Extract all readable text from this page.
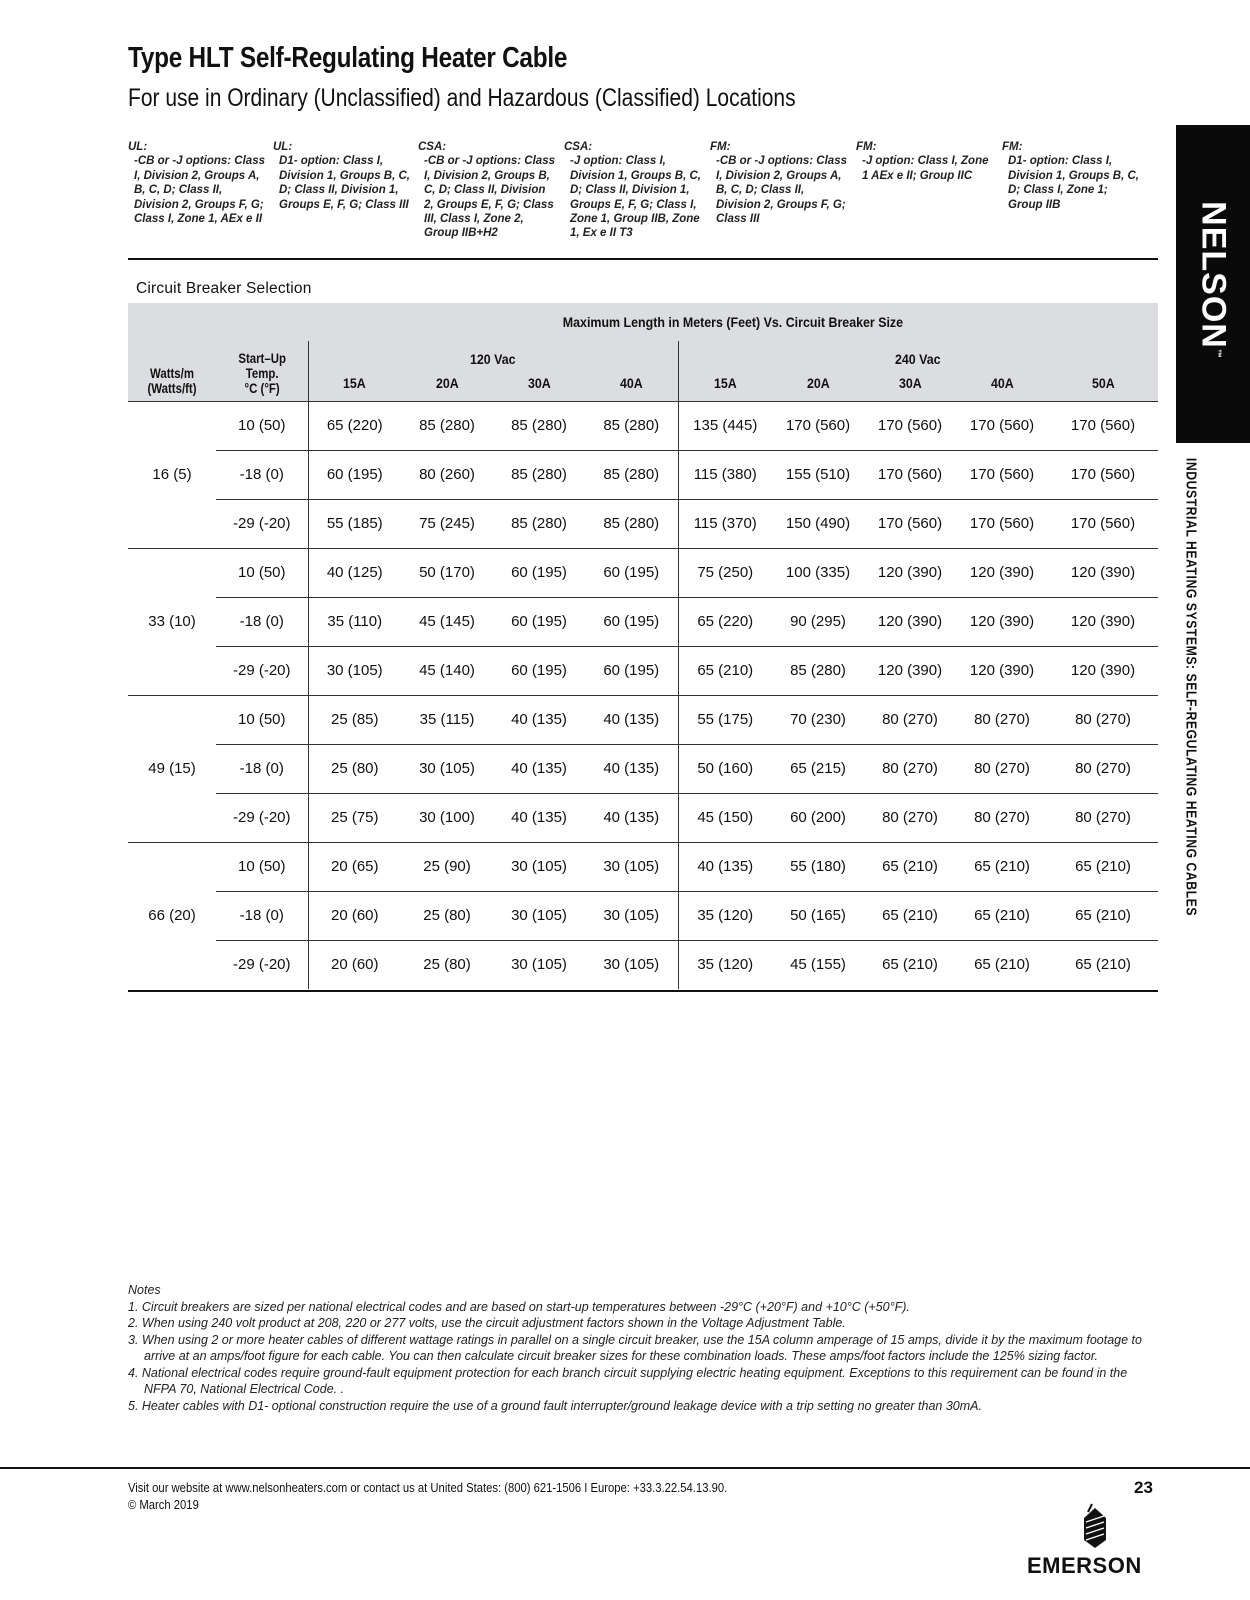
Type HLT Self-Regulating Heater Cable
For use in Ordinary (Unclassified) and Hazardous (Classified) Locations
UL:
-CB or -J options: Class I, Division 2, Groups A, B, C, D; Class II, Division 2, Groups F, G; Class I, Zone 1, AEx e II
UL:
D1- option: Class I, Division 1, Groups B, C, D; Class II, Division 1, Groups E, F, G; Class III
CSA:
-CB or -J options: Class I, Division 2, Groups B, C, D; Class II, Division 2, Groups E, F, G; Class III, Class I, Zone 2, Group IIB+H2
CSA:
-J option: Class I, Division 1, Groups B, C, D; Class II, Division 1, Groups E, F, G; Class I, Zone 1, Group IIB, Zone 1, Ex e II T3
FM:
-CB or -J options: Class I, Division 2, Groups A, B, C, D; Class II, Division 2, Groups F, G; Class III
FM:
-J option: Class I, Zone 1 AEx e II; Group IIC
FM:
D1- option: Class I, Division 1, Groups B, C, D; Class I, Zone 1; Group IIB
Circuit Breaker Selection
		Maximum Length in Meters (Feet) Vs. Circuit Breaker Size								

Watts/m
(Watts/ft)	Start–Up
Temp.
°C (°F)	120 Vac				240 Vac				
		15A	20A	30A	40A	15A	20A	30A	40A	50A
16 (5)	10 (50)	65 (220)	85 (280)	85 (280)	85 (280)	135 (445)	170 (560)	170 (560)	170 (560)	170 (560)
	-18 (0)	60 (195)	80 (260)	85 (280)	85 (280)	115 (380)	155 (510)	170 (560)	170 (560)	170 (560)
	-29 (-20)	55 (185)	75 (245)	85 (280)	85 (280)	115 (370)	150 (490)	170 (560)	170 (560)	170 (560)
33 (10)	10 (50)	40 (125)	50 (170)	60 (195)	60 (195)	75 (250)	100 (335)	120 (390)	120 (390)	120 (390)
	-18 (0)	35 (110)	45 (145)	60 (195)	60 (195)	65 (220)	90 (295)	120 (390)	120 (390)	120 (390)
	-29 (-20)	30 (105)	45 (140)	60 (195)	60 (195)	65 (210)	85 (280)	120 (390)	120 (390)	120 (390)
49 (15)	10 (50)	25 (85)	35 (115)	40 (135)	40 (135)	55 (175)	70 (230)	80 (270)	80 (270)	80 (270)
	-18 (0)	25 (80)	30 (105)	40 (135)	40 (135)	50 (160)	65 (215)	80 (270)	80 (270)	80 (270)
	-29 (-20)	25 (75)	30 (100)	40 (135)	40 (135)	45 (150)	60 (200)	80 (270)	80 (270)	80 (270)
66 (20)	10 (50)	20 (65)	25 (90)	30 (105)	30 (105)	40 (135)	55 (180)	65 (210)	65 (210)	65 (210)
	-18 (0)	20 (60)	25 (80)	30 (105)	30 (105)	35 (120)	50 (165)	65 (210)	65 (210)	65 (210)
	-29 (-20)	20 (60)	25 (80)	30 (105)	30 (105)	35 (120)	45 (155)	65 (210)	65 (210)	65 (210)
NELSON™
INDUSTRIAL HEATING SYSTEMS: SELF-REGULATING HEATING CABLES
Notes
1. Circuit breakers are sized per national electrical codes and are based on start-up temperatures between -29°C (+20°F) and +10°C (+50°F).
2. When using 240 volt product at 208, 220 or 277 volts, use the circuit adjustment factors shown in the Voltage Adjustment Table.
3. When using 2 or more heater cables of different wattage ratings in parallel on a single circuit breaker, use the 15A column amperage of 15 amps, divide it by the maximum footage to arrive at an amps/foot figure for each cable. You can then calculate circuit breaker sizes for these combination loads. These amps/foot factors include the 125% sizing factor.
4. National electrical codes require ground-fault equipment protection for each branch circuit supplying electric heating equipment. Exceptions to this requirement can be found in the NFPA 70, National Electrical Code. .
5. Heater cables with D1- optional construction require the use of a ground fault interrupter/ground leakage device with a trip setting no greater than 30mA.
Visit our website at www.nelsonheaters.com or contact us at United States: (800) 621-1506 I Europe: +33.3.22.54.13.90.
© March 2019
23
EMERSON
